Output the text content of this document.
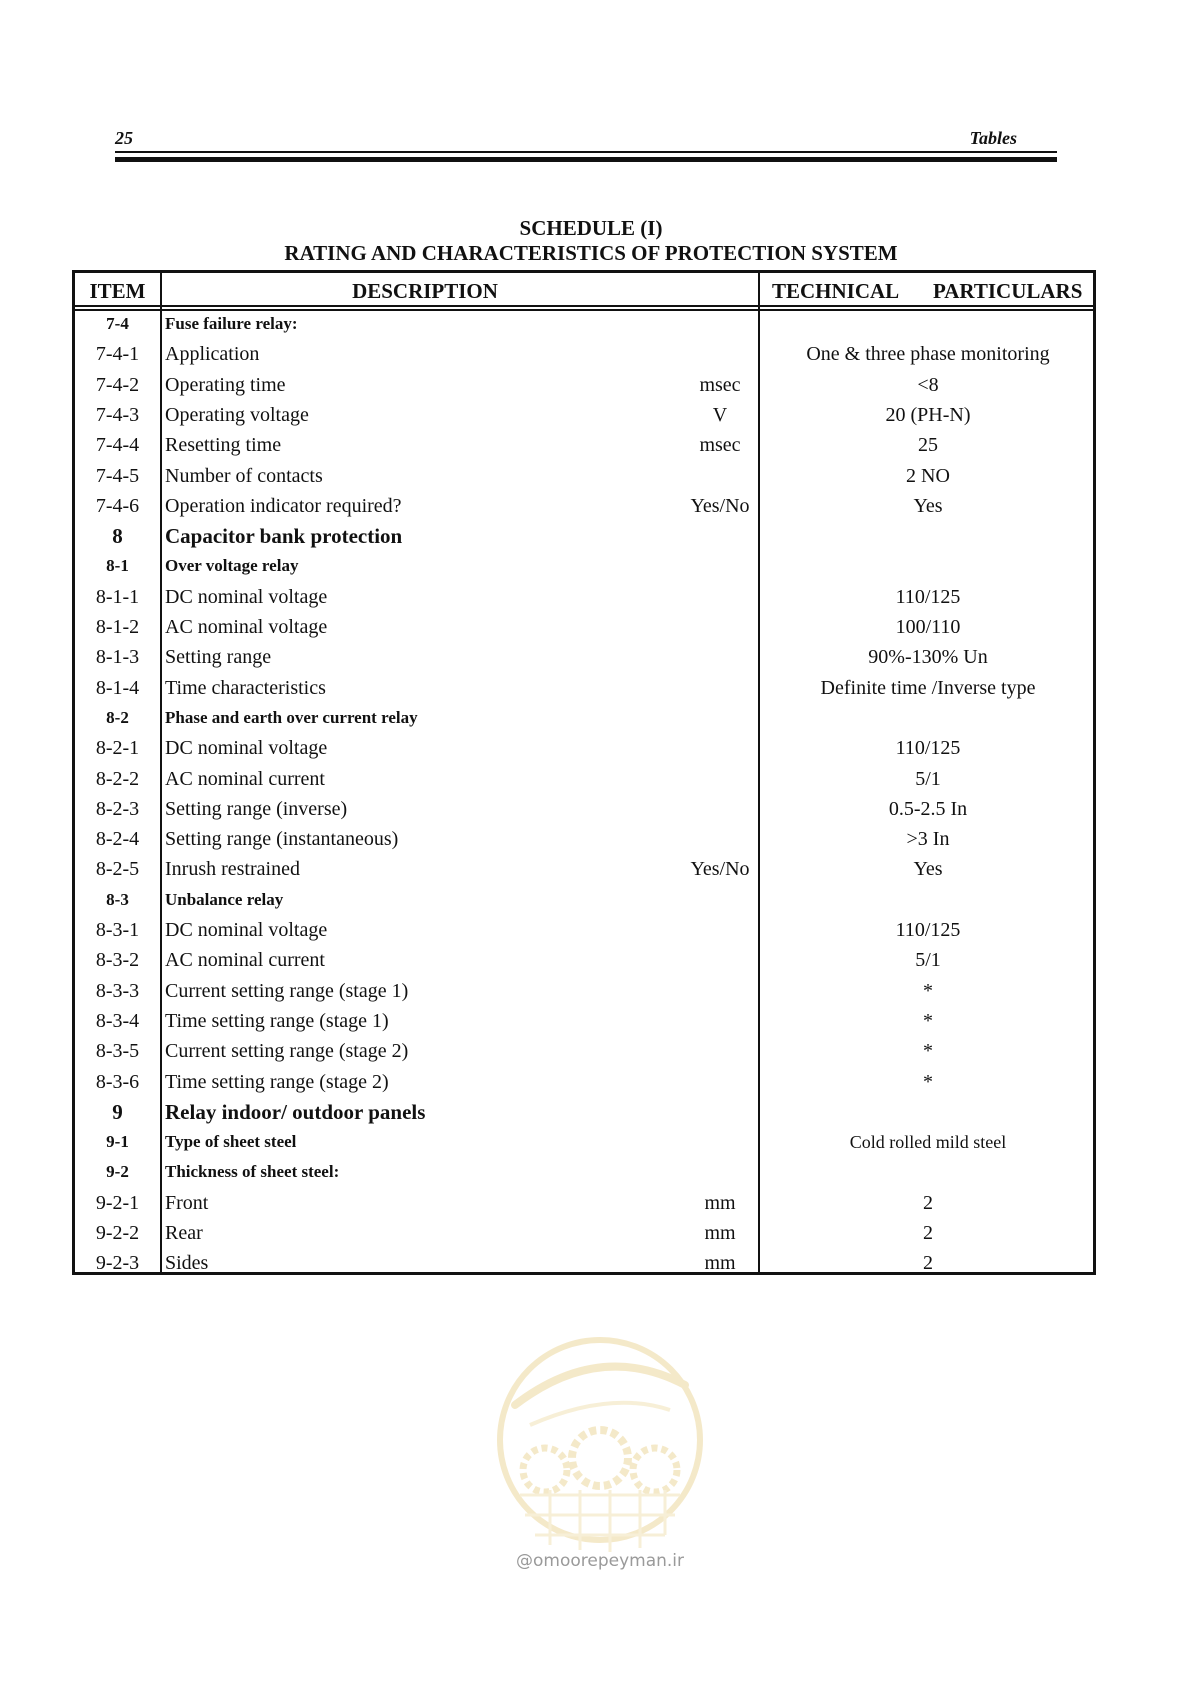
25	Tables
SCHEDULE (I)
RATING AND CHARACTERISTICS OF PROTECTION SYSTEM
ITEM	DESCRIPTION	TECHNICAL PARTICULARS
7-4	Fuse failure relay:
7-4-1	Application	One & three phase monitoring
7-4-2	Operating time	msec	<8
7-4-3	Operating voltage	V	20 (PH-N)
7-4-4	Resetting time	msec	25
7-4-5	Number of contacts	2 NO
7-4-6	Operation indicator required?	Yes/No	Yes
8	Capacitor bank protection
8-1	Over voltage relay
8-1-1	DC nominal voltage	110/125
8-1-2	AC nominal voltage	100/110
8-1-3	Setting range	90%-130% Un
8-1-4	Time characteristics	Definite time /Inverse type
8-2	Phase and earth over current relay
8-2-1	DC nominal voltage	110/125
8-2-2	AC nominal current	5/1
8-2-3	Setting range (inverse)	0.5-2.5 In
8-2-4	Setting range (instantaneous)	>3 In
8-2-5	Inrush restrained	Yes/No	Yes
8-3	Unbalance relay
8-3-1	DC nominal voltage	110/125
8-3-2	AC nominal current	5/1
8-3-3	Current setting range (stage 1)	*
8-3-4	Time setting range (stage 1)	*
8-3-5	Current setting range (stage 2)	*
8-3-6	Time setting range (stage 2)	*
9	Relay indoor/ outdoor panels
9-1	Type of sheet steel	Cold rolled mild steel
9-2	Thickness of sheet steel:
9-2-1	Front	mm	2
9-2-2	Rear	mm	2
9-2-3	Sides	mm	2
@omoorepeyman.ir
